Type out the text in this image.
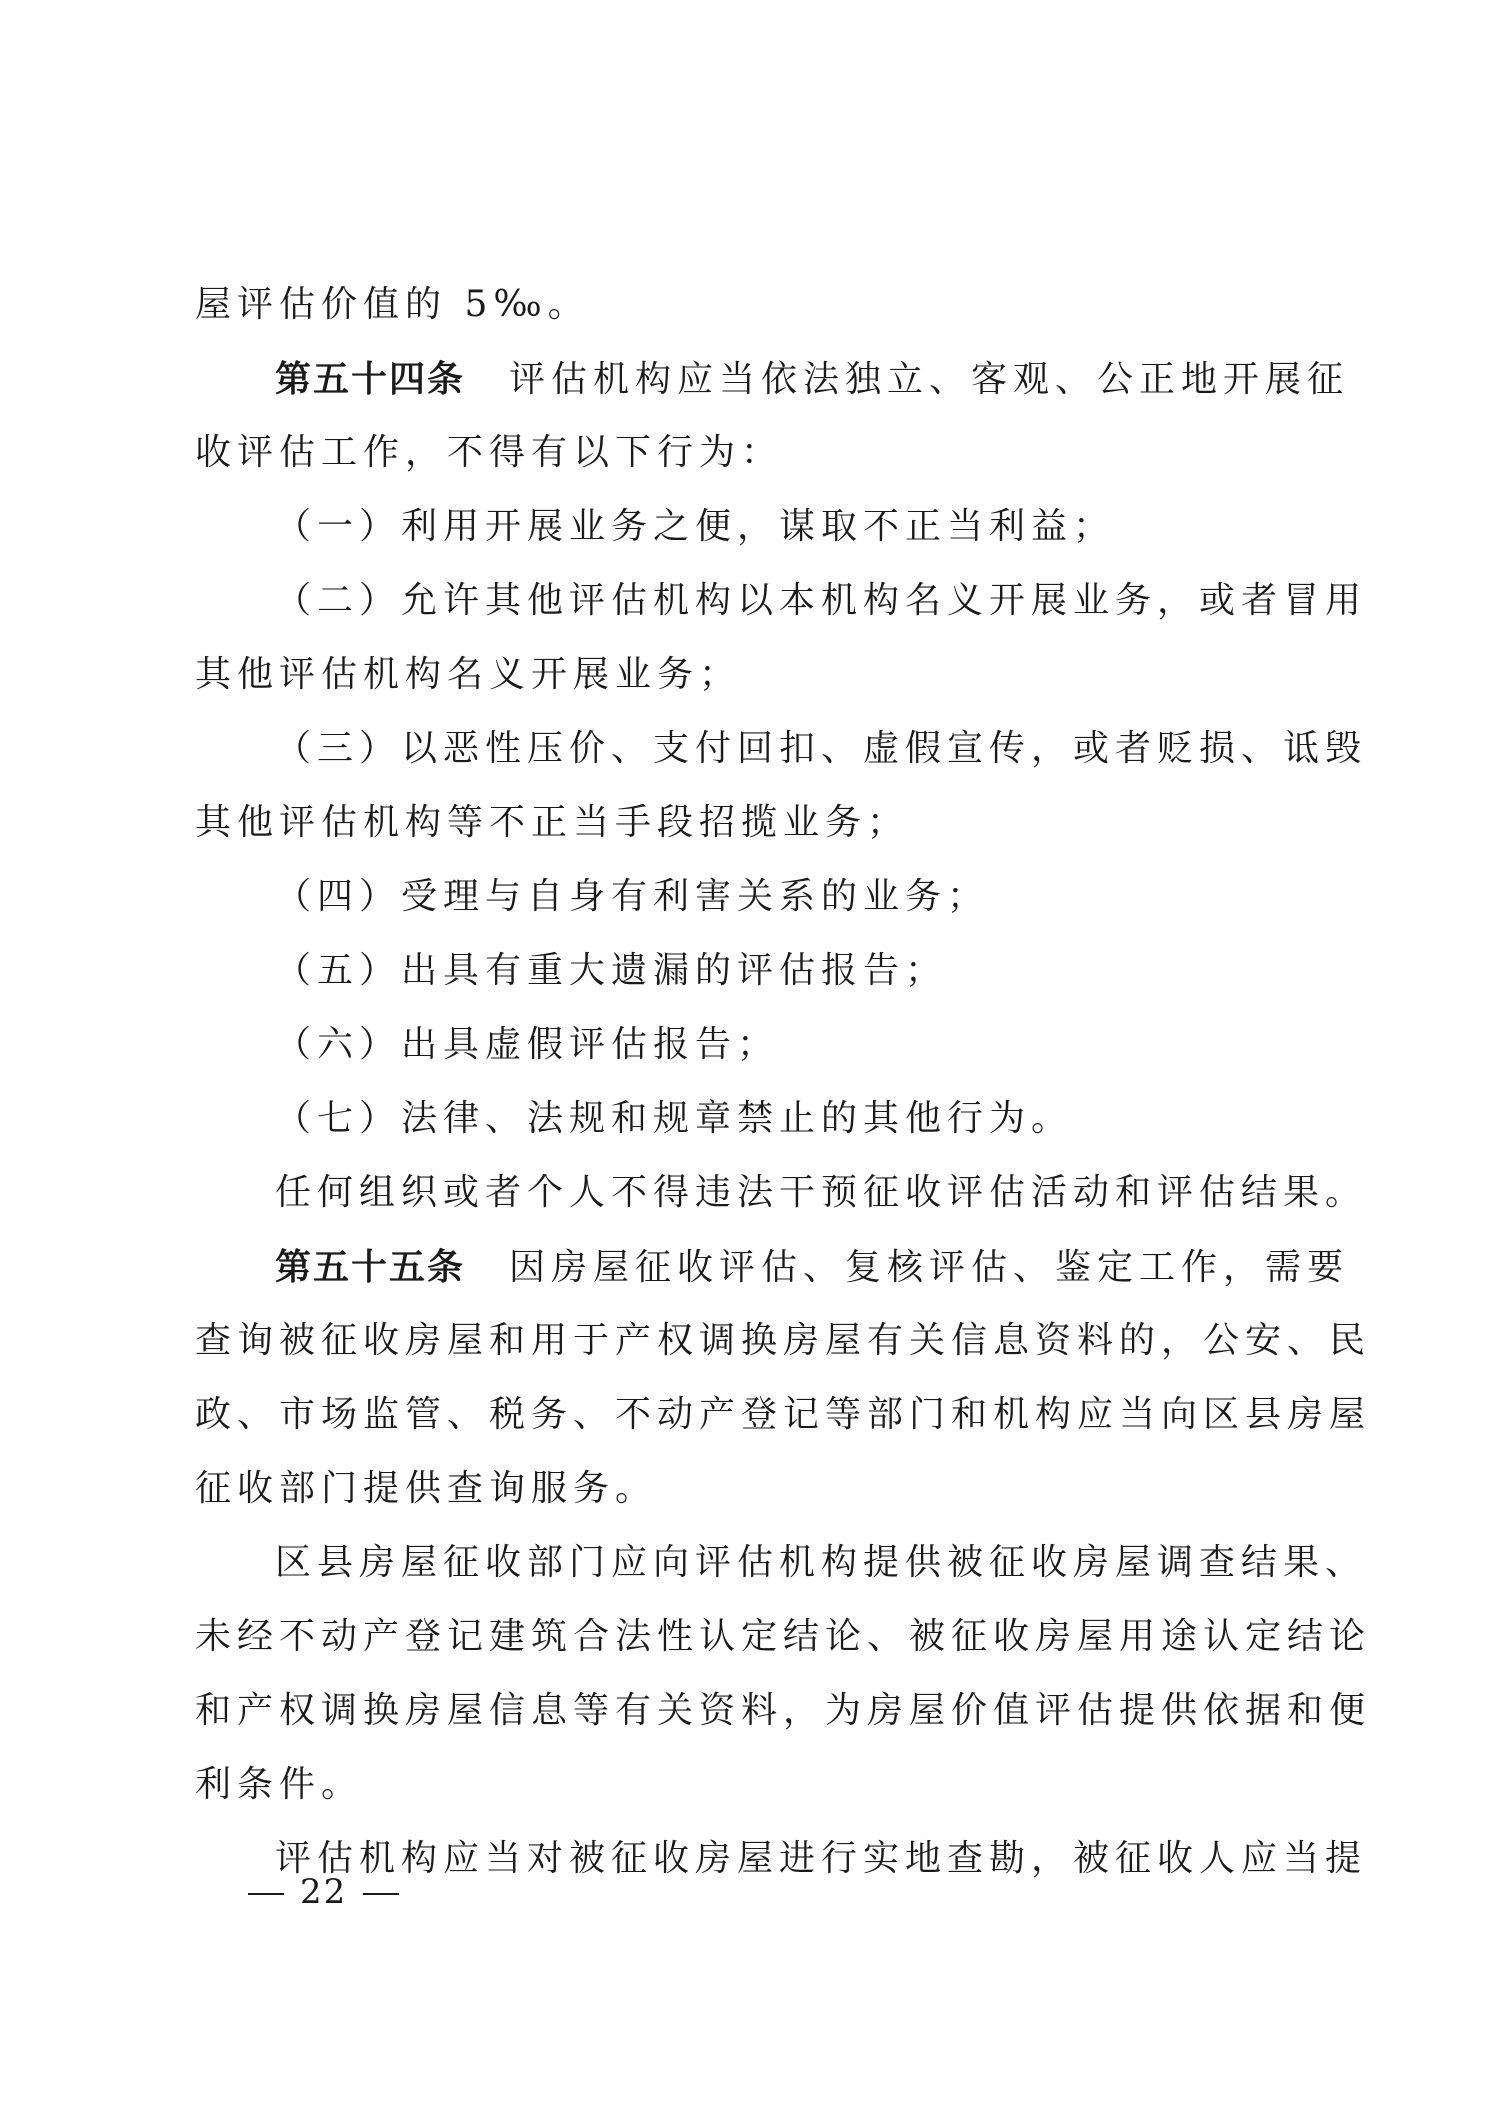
屋评估价值的 5‰。
第五十四条 评估机构应当依法独立、客观、公正地开展征
收评估工作，不得有以下行为：
（一）利用开展业务之便，谋取不正当利益；
（二）允许其他评估机构以本机构名义开展业务，或者冒用
其他评估机构名义开展业务；
（三）以恶性压价、支付回扣、虚假宣传，或者贬损、诋毁
其他评估机构等不正当手段招揽业务；
（四）受理与自身有利害关系的业务；
（五）出具有重大遗漏的评估报告；
（六）出具虚假评估报告；
（七）法律、法规和规章禁止的其他行为。
任何组织或者个人不得违法干预征收评估活动和评估结果。
第五十五条 因房屋征收评估、复核评估、鉴定工作，需要
查询被征收房屋和用于产权调换房屋有关信息资料的，公安、民
政、市场监管、税务、不动产登记等部门和机构应当向区县房屋
征收部门提供查询服务。
区县房屋征收部门应向评估机构提供被征收房屋调查结果、
未经不动产登记建筑合法性认定结论、被征收房屋用途认定结论
和产权调换房屋信息等有关资料，为房屋价值评估提供依据和便
利条件。
评估机构应当对被征收房屋进行实地查勘，被征收人应当提
22
